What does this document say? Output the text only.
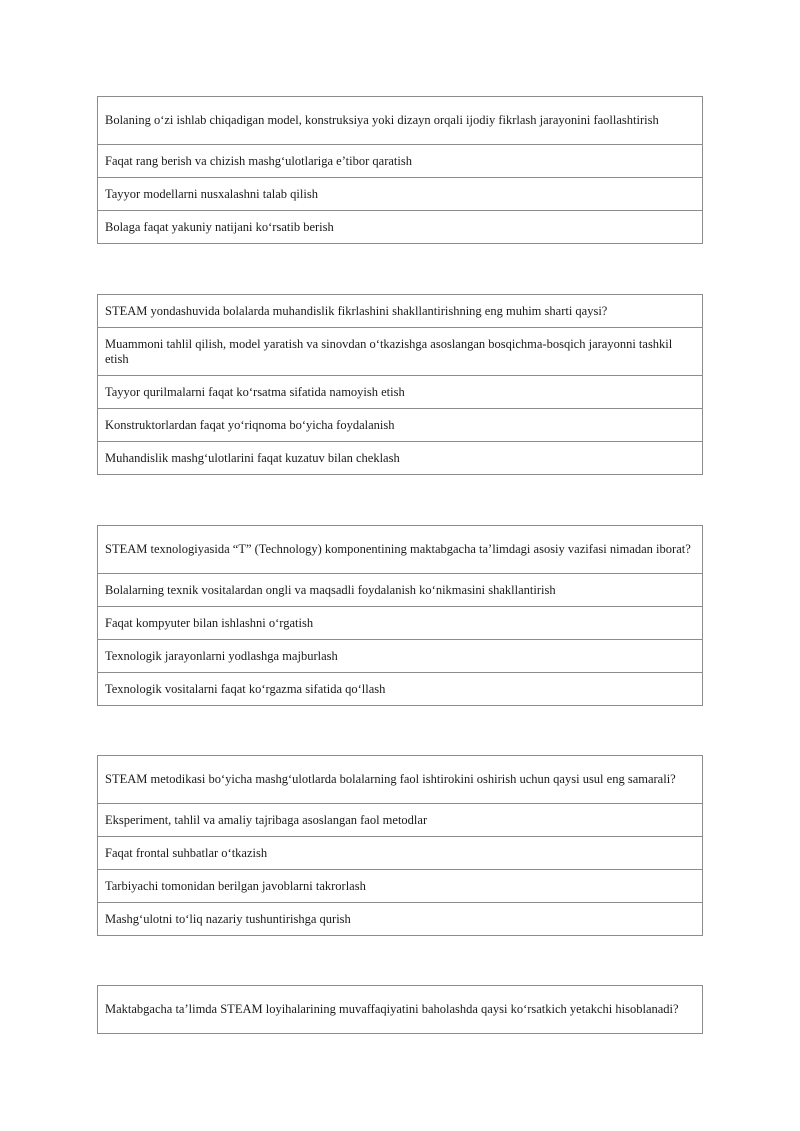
Bolaning o‘zi ishlab chiqadigan model, konstruksiya yoki dizayn orqali ijodiy fikrlash jarayonini faollashtirish
Faqat rang berish va chizish mashg‘ulotlariga e’tibor qaratish
Tayyor modellarni nusxalashni talab qilish
Bolaga faqat yakuniy natijani ko‘rsatib berish
STEAM yondashuvida bolalarda muhandislik fikrlashini shakllantirishning eng muhim sharti qaysi?
Muammoni tahlil qilish, model yaratish va sinovdan o‘tkazishga asoslangan bosqichma-bosqich jarayonni tashkil etish
Tayyor qurilmalarni faqat ko‘rsatma sifatida namoyish etish
Konstruktorlardan faqat yo‘riqnoma bo‘yicha foydalanish
Muhandislik mashg‘ulotlarini faqat kuzatuv bilan cheklash
STEAM texnologiyasida “T” (Technology) komponentining maktabgacha ta’limdagi asosiy vazifasi nimadan iborat?
Bolalarning texnik vositalardan ongli va maqsadli foydalanish ko‘nikmasini shakllantirish
Faqat kompyuter bilan ishlashni o‘rgatish
Texnologik jarayonlarni yodlashga majburlash
Texnologik vositalarni faqat ko‘rgazma sifatida qo‘llash
STEAM metodikasi bo‘yicha mashg‘ulotlarda bolalarning faol ishtirokini oshirish uchun qaysi usul eng samarali?
Eksperiment, tahlil va amaliy tajribaga asoslangan faol metodlar
Faqat frontal suhbatlar o‘tkazish
Tarbiyachi tomonidan berilgan javoblarni takrorlash
Mashg‘ulotni to‘liq nazariy tushuntirishga qurish
Maktabgacha ta’limda STEAM loyihalarining muvaffaqiyatini baholashda qaysi ko‘rsatkich yetakchi hisoblanadi?
